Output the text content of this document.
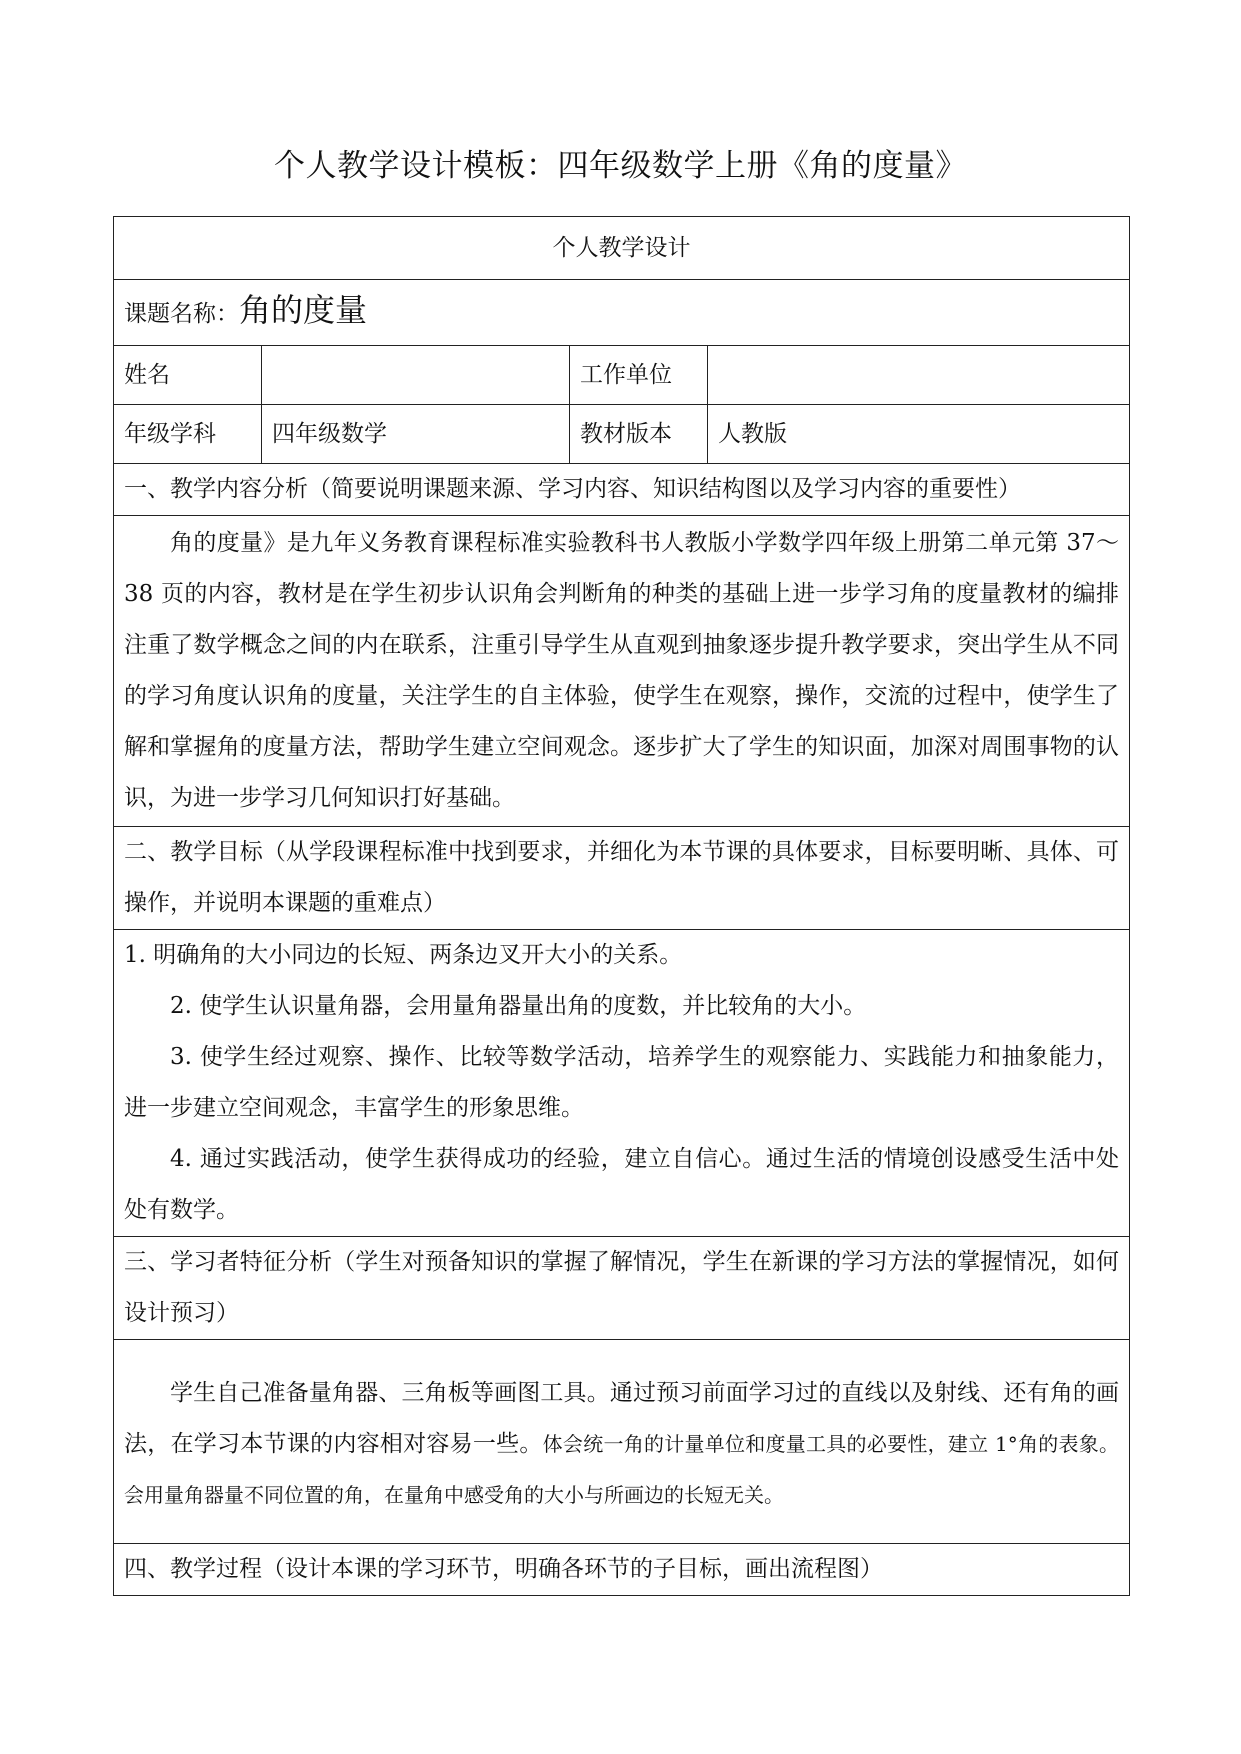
个人教学设计模板：四年级数学上册《角的度量》
个人教学设计			
课题名称：角的度量			
姓名		工作单位	
年级学科	四年级数学	教材版本	人教版
一、教学内容分析（简要说明课题来源、学习内容、知识结构图以及学习内容的重要性）			

角的度量》是九年义务教育课程标准实验教科书人教版小学数学四年级上册第二单元第 37～38 页的内容，教材是在学生初步认识角会判断角的种类的基础上进一步学习角的度量教材的编排注重了数学概念之间的内在联系，注重引导学生从直观到抽象逐步提升教学要求，突出学生从不同的学习角度认识角的度量，关注学生的自主体验，使学生在观察，操作，交流的过程中，使学生了解和掌握角的度量方法，帮助学生建立空间观念。逐步扩大了学生的知识面，加深对周围事物的认识，为进一步学习几何知识打好基础。			

二、教学目标（从学段课程标准中找到要求，并细化为本节课的具体要求，目标要明晰、具体、可操作，并说明本课题的重难点）			

1. 明确角的大小同边的长短、两条边叉开大小的关系。

2. 使学生认识量角器，会用量角器量出角的度数，并比较角的大小。

3. 使学生经过观察、操作、比较等数学活动，培养学生的观察能力、实践能力和抽象能力，进一步建立空间观念，丰富学生的形象思维。

4. 通过实践活动，使学生获得成功的经验，建立自信心。通过生活的情境创设感受生活中处处有数学。			

三、学习者特征分析（学生对预备知识的掌握了解情况，学生在新课的学习方法的掌握情况，如何设计预习）			

学生自己准备量角器、三角板等画图工具。通过预习前面学习过的直线以及射线、还有角的画法，在学习本节课的内容相对容易一些。体会统一角的计量单位和度量工具的必要性，建立 1°角的表象。会用量角器量不同位置的角，在量角中感受角的大小与所画边的长短无关。			

四、教学过程（设计本课的学习环节，明确各环节的子目标，画出流程图）			
